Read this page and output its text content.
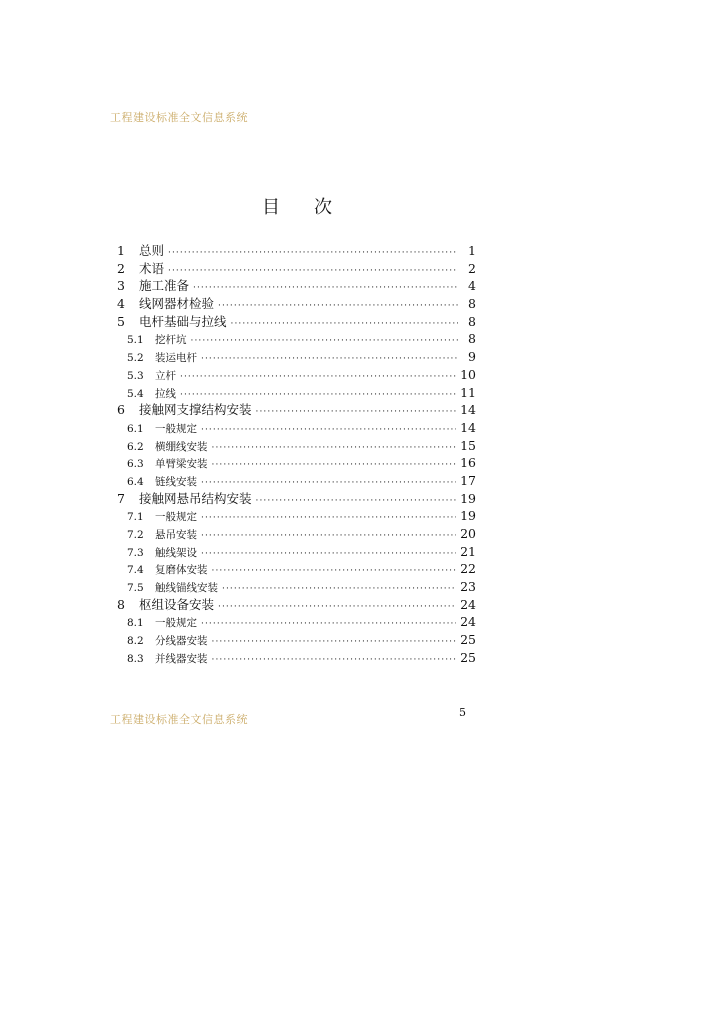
工程建设标准全文信息系统
目 次
1	总则 ·····	1
2	术语 ·····	2
3	施工准备 ·····	4
4	线网器材检验 ·····	8
5	电杆基础与拉线 ·····	8
5.1	挖杆坑 ·····	8
5.2	装运电杆 ·····	9
5.3	立杆 ·····	10
5.4	拉线 ·····	11
6	接触网支撑结构安装 ·····	14
6.1	一般规定 ·····	14
6.2	横绷线安装 ·····	15
6.3	单臂梁安装 ·····	16
6.4	链线安装 ·····	17
7	接触网悬吊结构安装 ·····	19
7.1	一般规定 ·····	19
7.2	悬吊安装 ·····	20
7.3	触线架设 ·····	21
7.4	复磨体安装 ·····	22
7.5	触线锚线安装 ·····	23
8	枢组设备安装 ·····	24
8.1	一般规定 ·····	24
8.2	分线器安装 ·····	25
8.3	并线器安装 ·····	25
工程建设标准全文信息系统
5
